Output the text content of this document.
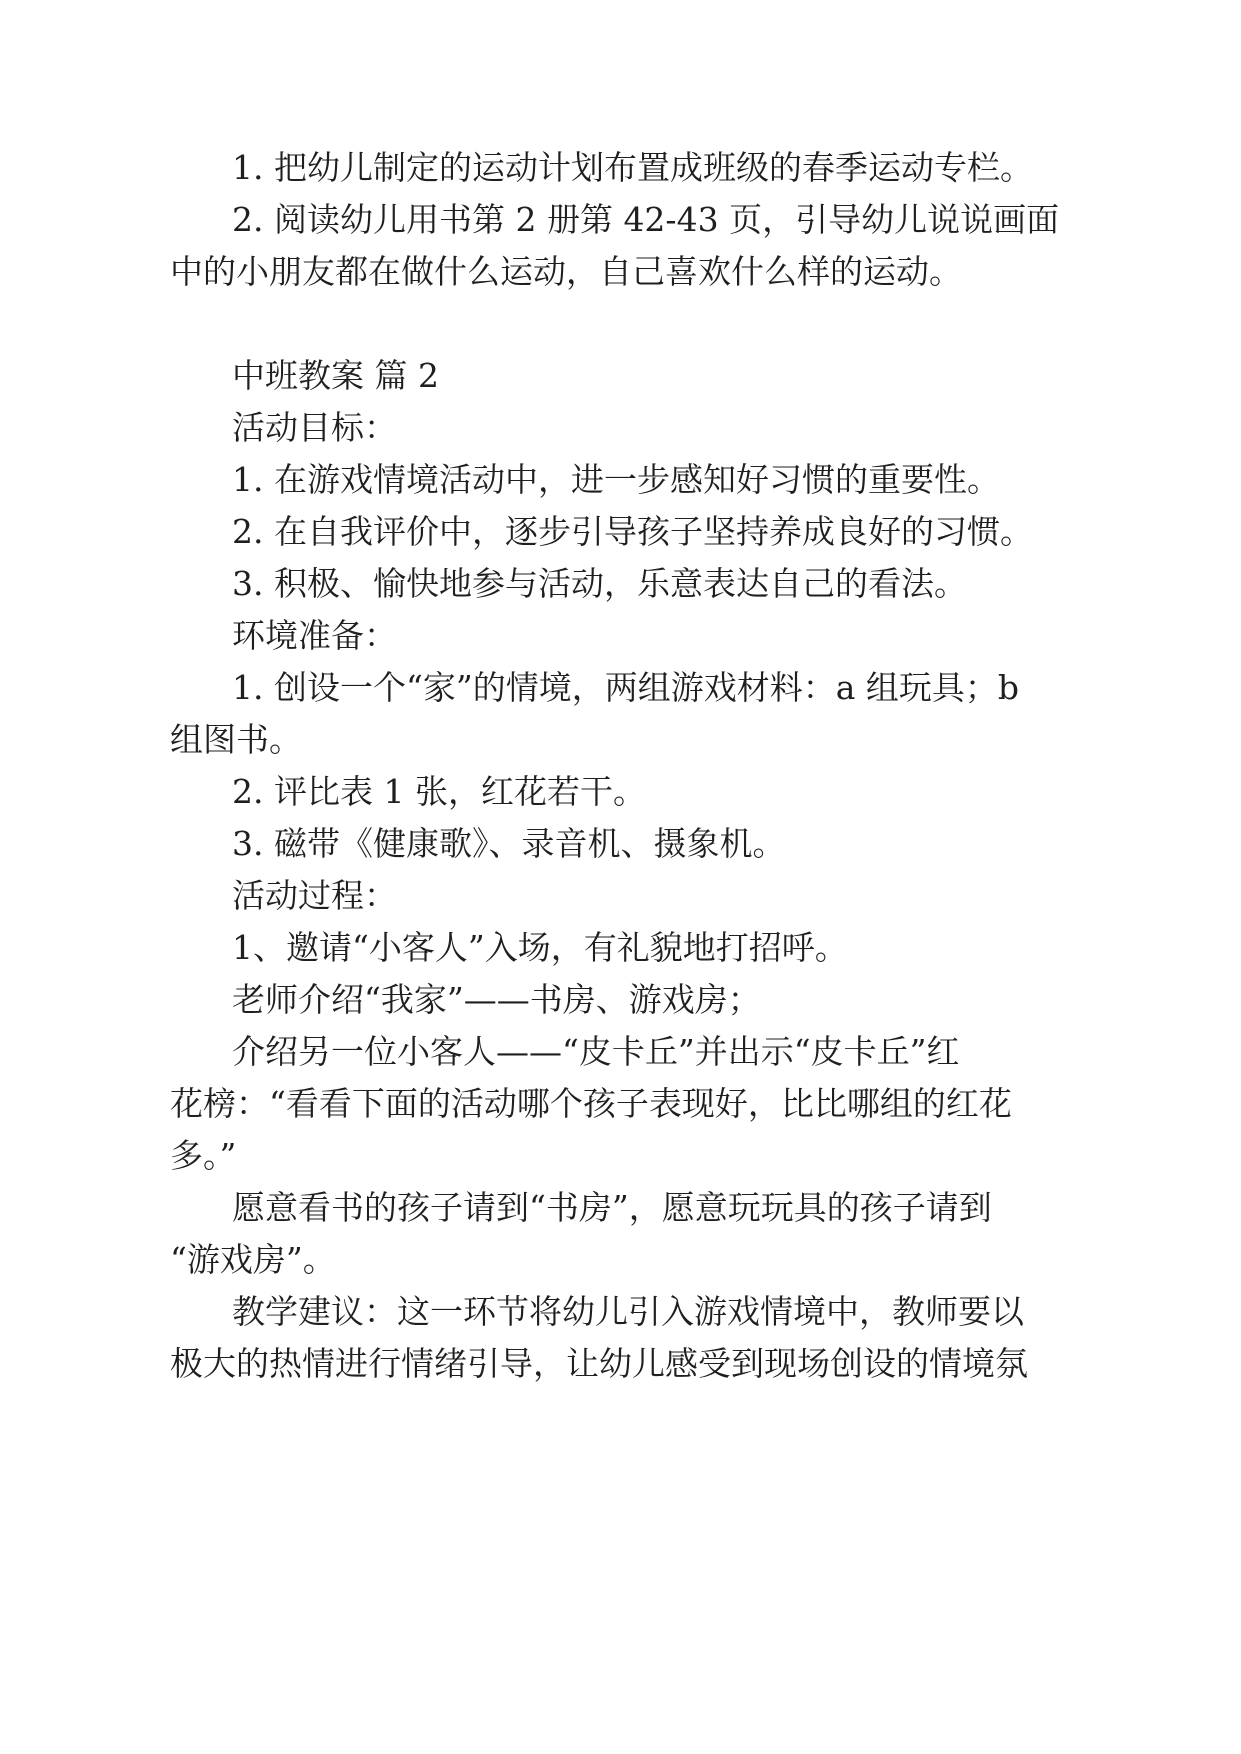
1. 把幼儿制定的运动计划布置成班级的春季运动专栏。

2. 阅读幼儿用书第 2 册第 42-43 页，引导幼儿说说画面

中的小朋友都在做什么运动，自己喜欢什么样的运动。

中班教案 篇 2

活动目标：

1. 在游戏情境活动中，进一步感知好习惯的重要性。

2. 在自我评价中，逐步引导孩子坚持养成良好的习惯。

3. 积极、愉快地参与活动，乐意表达自己的看法。

环境准备：

1. 创设一个“家”的情境，两组游戏材料：a 组玩具；b

组图书。

2. 评比表 1 张，红花若干。

3. 磁带《健康歌》、录音机、摄象机。

活动过程：

1、邀请“小客人”入场，有礼貌地打招呼。

老师介绍“我家”——书房、游戏房；

介绍另一位小客人——“皮卡丘”并出示“皮卡丘”红

花榜：“看看下面的活动哪个孩子表现好，比比哪组的红花

多。”

愿意看书的孩子请到“书房”，愿意玩玩具的孩子请到

“游戏房”。

教学建议：这一环节将幼儿引入游戏情境中，教师要以

极大的热情进行情绪引导，让幼儿感受到现场创设的情境氛
